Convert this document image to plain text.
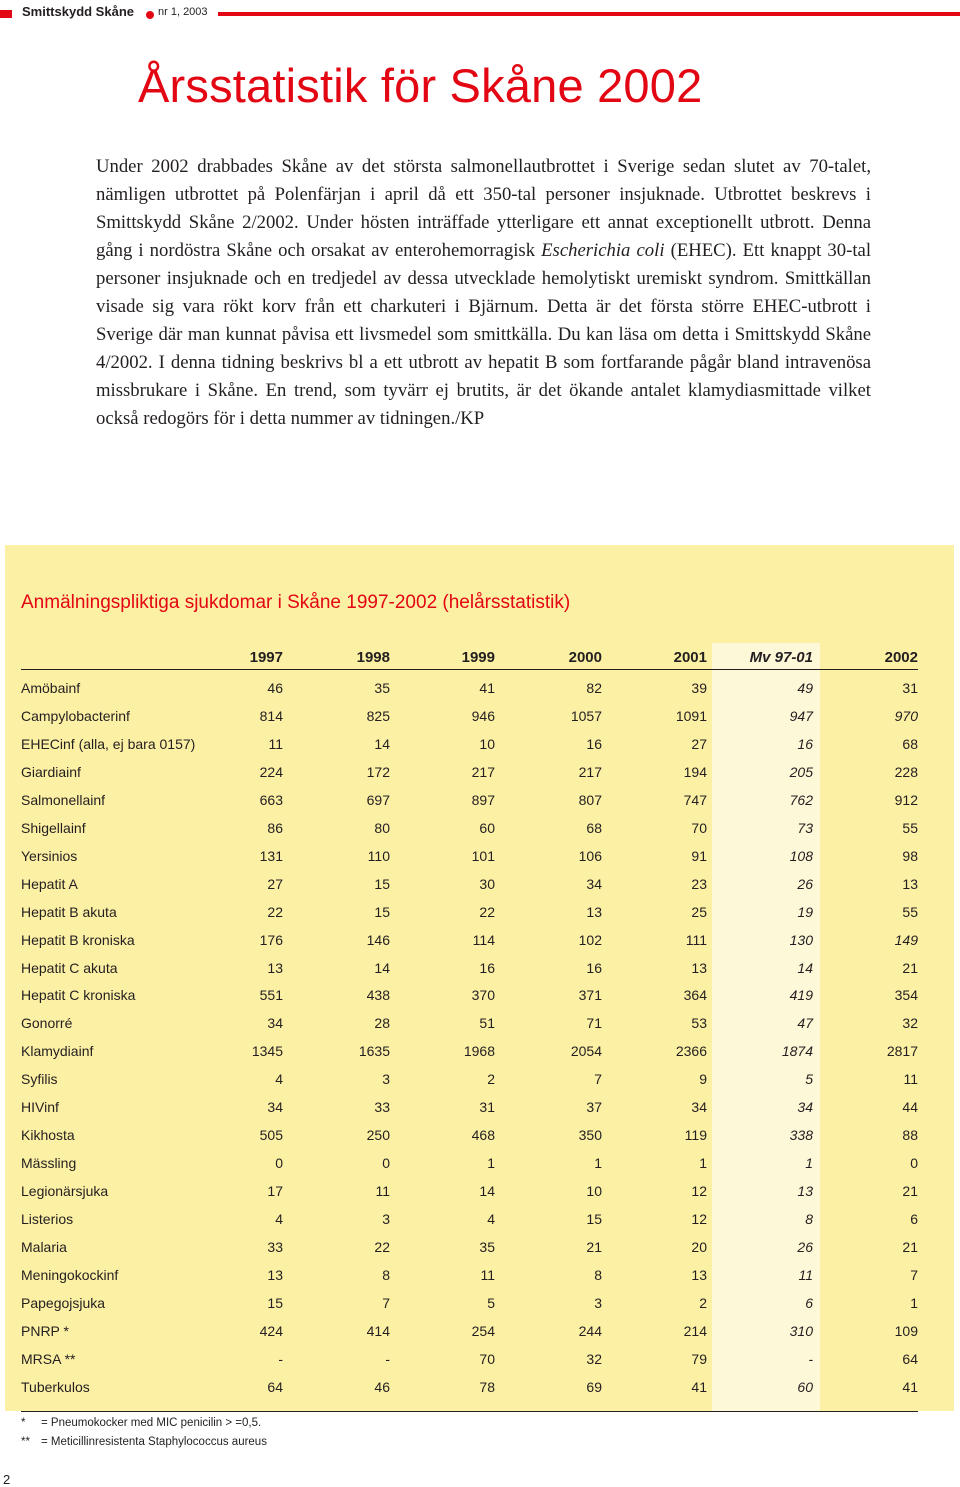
Smittskydd Skåne nr 1, 2003
Årsstatistik för Skåne 2002

Under 2002 drabbades Skåne av det största salmonellautbrottet i Sverige sedan slutet av 70-talet, nämligen utbrottet på Polenfärjan i april då ett 350-tal personer insjuknade. Utbrottet beskrevs i Smittskydd Skåne 2/2002. Under hösten inträffade ytterligare ett annat exceptionellt utbrott. Denna gång i nordöstra Skåne och orsakat av enterohemorragisk Escherichia coli (EHEC). Ett knappt 30-tal personer insjuknade och en tredjedel av dessa utvecklade hemolytiskt uremiskt syndrom. Smittkällan visade sig vara rökt korv från ett charkuteri i Bjärnum. Detta är det första större EHEC-utbrott i Sverige där man kunnat påvisa ett livsmedel som smittkälla. Du kan läsa om detta i Smittskydd Skåne 4/2002. I denna tidning beskrivs bl a ett utbrott av hepatit B som fortfarande pågår bland intravenösa missbrukare i Skåne. En trend, som tyvärr ej brutits, är det ökande antalet klamydiasmittade vilket också redogörs för i detta nummer av tidningen./KP

Anmälningspliktiga sjukdomar i Skåne 1997-2002 (helårsstatistik)
1997	1998	1999	2000	2001	Mv 97-01	2002
Amöbainf	46	35	41	82	39	49	31
Campylobacterinf	814	825	946	1057	1091	947	970
EHECinf (alla, ej bara 0157)	11	14	10	16	27	16	68
Giardiainf	224	172	217	217	194	205	228
Salmonellainf	663	697	897	807	747	762	912
Shigellainf	86	80	60	68	70	73	55
Yersinios	131	110	101	106	91	108	98
Hepatit A	27	15	30	34	23	26	13
Hepatit B akuta	22	15	22	13	25	19	55
Hepatit B kroniska	176	146	114	102	111	130	149
Hepatit C akuta	13	14	16	16	13	14	21
Hepatit C kroniska	551	438	370	371	364	419	354
Gonorré	34	28	51	71	53	47	32
Klamydiainf	1345	1635	1968	2054	2366	1874	2817
Syfilis	4	3	2	7	9	5	11
HIVinf	34	33	31	37	34	34	44
Kikhosta	505	250	468	350	119	338	88
Mässling	0	0	1	1	1	1	0
Legionärsjuka	17	11	14	10	12	13	21
Listerios	4	3	4	15	12	8	6
Malaria	33	22	35	21	20	26	21
Meningokockinf	13	8	11	8	13	11	7
Papegojsjuka	15	7	5	3	2	6	1
PNRP *	424	414	254	244	214	310	109
MRSA **	-	-	70	32	79	-	64
Tuberkulos	64	46	78	69	41	60	41
* = Pneumokocker med MIC penicilin > =0,5.
** = Meticillinresistenta Staphylococcus aureus
2
